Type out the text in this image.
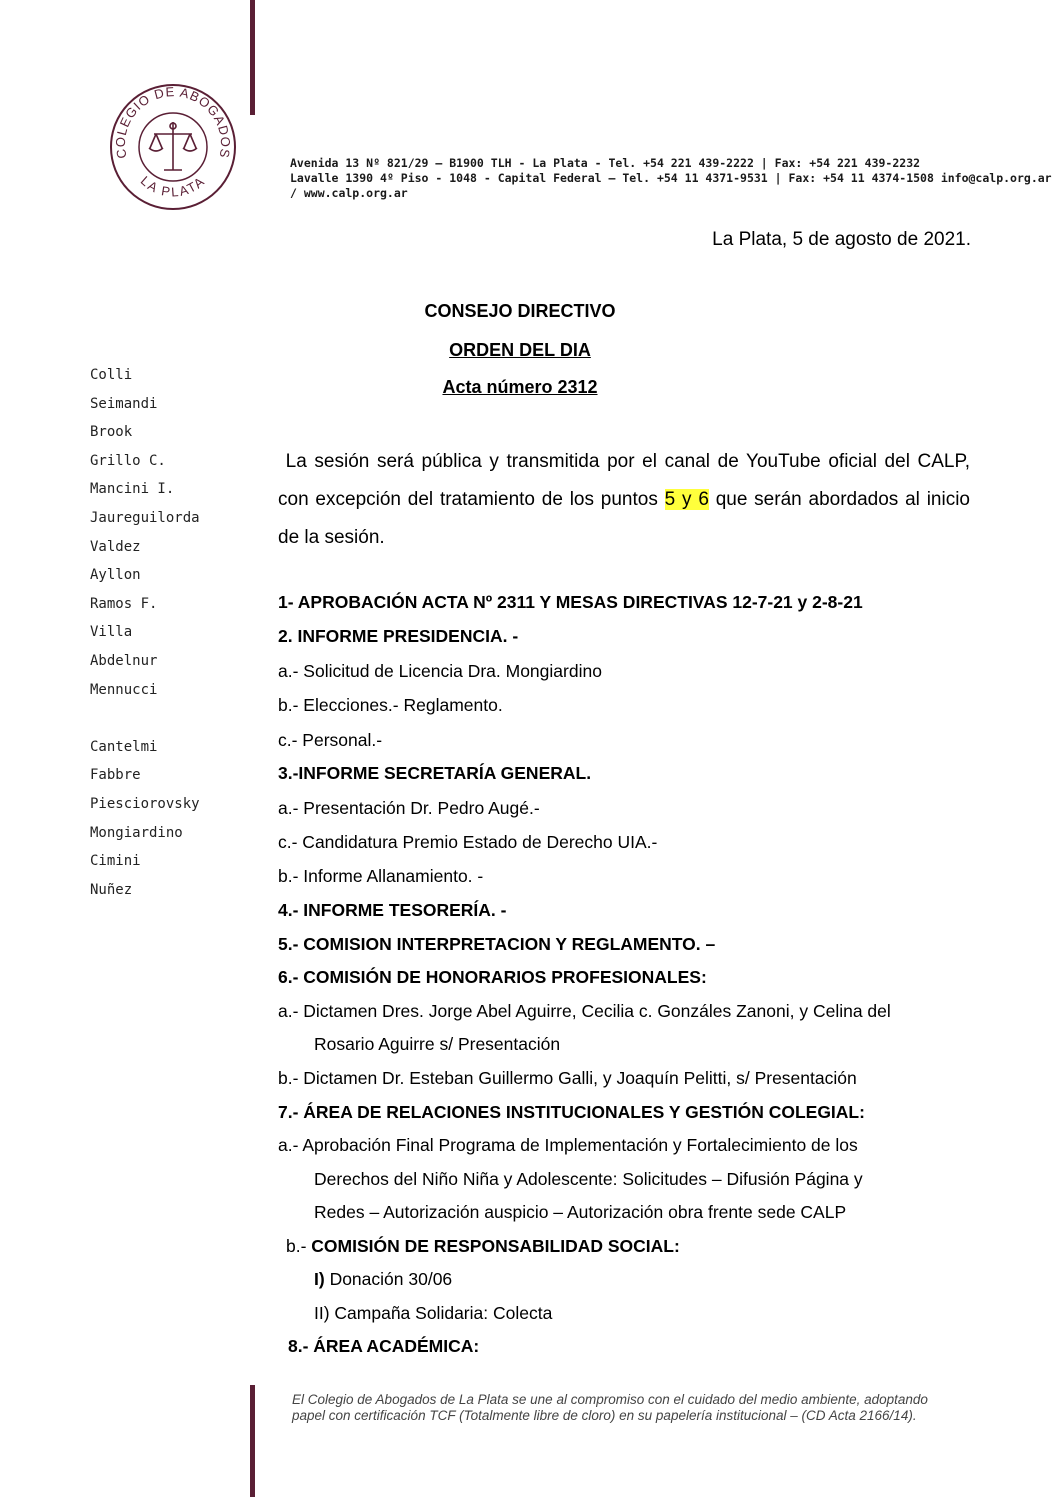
COLEGIO DE ABOGADOS
LA PLATA
Avenida 13 Nº 821/29 – B1900 TLH - La Plata - Tel. +54 221 439-2222 | Fax: +54 221 439-2232
Lavalle 1390 4º Piso - 1048 - Capital Federal – Tel. +54 11 4371-9531 | Fax: +54 11 4374-1508 info@calp.org.ar
/ www.calp.org.ar
La Plata, 5 de agosto de 2021.
CONSEJO DIRECTIVO
ORDEN DEL DIA
Acta número 2312
Colli
Seimandi
Brook
Grillo C.
Mancini I.
Jaureguilorda
Valdez
Ayllon
Ramos F.
Villa
Abdelnur
Mennucci
Cantelmi
Fabbre
Piesciorovsky
Mongiardino
Cimini
Nuñez
La sesión será pública y transmitida por el canal de YouTube oficial del CALP, con excepción del tratamiento de los puntos 5 y 6 que serán abordados al inicio de la sesión.
1- APROBACIÓN ACTA Nº 2311 Y MESAS DIRECTIVAS 12-7-21 y 2-8-21
2. INFORME PRESIDENCIA. -
a.- Solicitud de Licencia Dra. Mongiardino
b.- Elecciones.- Reglamento.
c.- Personal.-
3.-INFORME SECRETARÍA GENERAL.
a.- Presentación Dr. Pedro Augé.-
c.- Candidatura Premio Estado de Derecho UIA.-
b.- Informe Allanamiento. -
4.- INFORME TESORERÍA. -
5.- COMISION INTERPRETACION Y REGLAMENTO. –
6.- COMISIÓN DE HONORARIOS PROFESIONALES:
a.- Dictamen Dres. Jorge Abel Aguirre, Cecilia c. Gonzáles Zanoni, y Celina del
Rosario Aguirre s/ Presentación
b.- Dictamen Dr. Esteban Guillermo Galli, y Joaquín Pelitti, s/ Presentación
7.- ÁREA DE RELACIONES INSTITUCIONALES Y GESTIÓN COLEGIAL:
a.- Aprobación Final Programa de Implementación y Fortalecimiento de los
Derechos del Niño Niña y Adolescente: Solicitudes – Difusión Página y
Redes – Autorización auspicio – Autorización obra frente sede CALP
b.- COMISIÓN DE RESPONSABILIDAD SOCIAL:
I) Donación 30/06
II) Campaña Solidaria: Colecta
8.- ÁREA ACADÉMICA:
El Colegio de Abogados de La Plata se une al compromiso con el cuidado del medio ambiente, adoptando
papel con certificación TCF (Totalmente libre de cloro) en su papelería institucional – (CD Acta 2166/14).
